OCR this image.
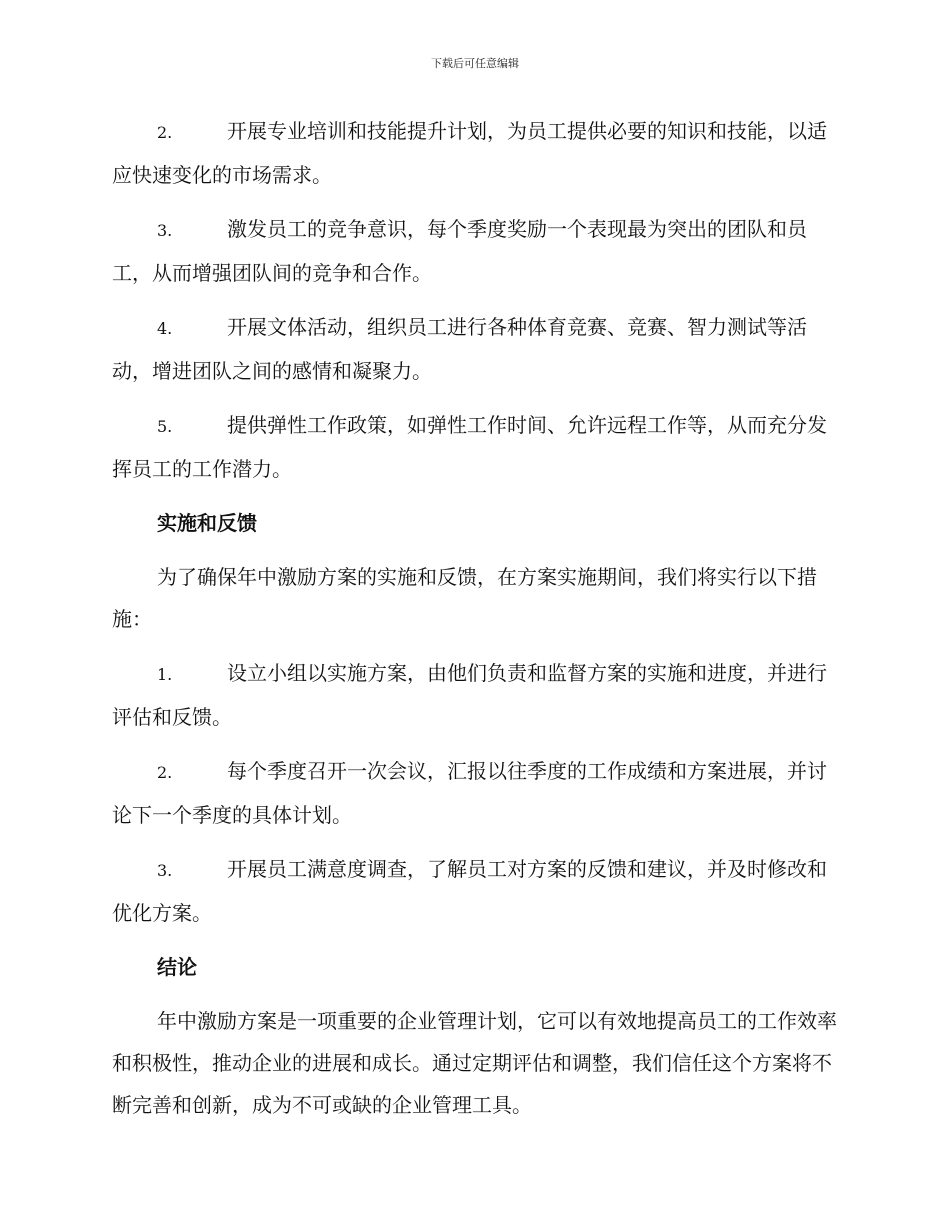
下载后可任意编辑
2.	开展专业培训和技能提升计划，为员工提供必要的知识和技能，以适应快速变化的市场需求。
3.	激发员工的竞争意识，每个季度奖励一个表现最为突出的团队和员工，从而增强团队间的竞争和合作。
4.	开展文体活动，组织员工进行各种体育竞赛、竞赛、智力测试等活动，增进团队之间的感情和凝聚力。
5.	提供弹性工作政策，如弹性工作时间、允许远程工作等，从而充分发挥员工的工作潜力。
实施和反馈
为了确保年中激励方案的实施和反馈，在方案实施期间，我们将实行以下措施：
1.	设立小组以实施方案，由他们负责和监督方案的实施和进度，并进行评估和反馈。
2.	每个季度召开一次会议，汇报以往季度的工作成绩和方案进展，并讨论下一个季度的具体计划。
3.	开展员工满意度调查，了解员工对方案的反馈和建议，并及时修改和优化方案。
结论
年中激励方案是一项重要的企业管理计划，它可以有效地提高员工的工作效率和积极性，推动企业的进展和成长。通过定期评估和调整，我们信任这个方案将不断完善和创新，成为不可或缺的企业管理工具。
